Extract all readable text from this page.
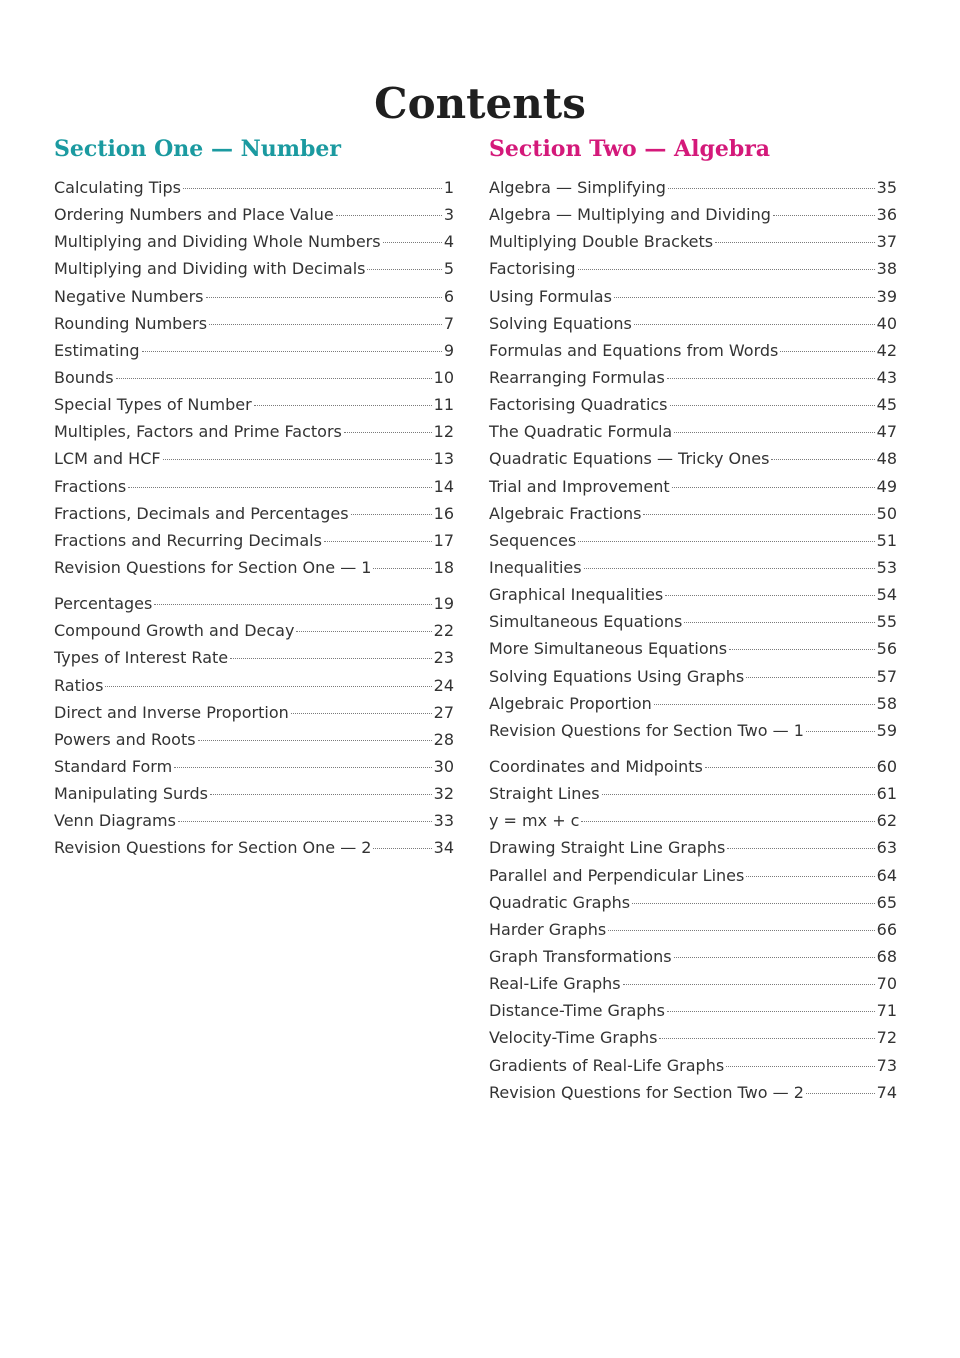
Contents
Section One — Number
Calculating Tips	1
Ordering Numbers and Place Value	3
Multiplying and Dividing Whole Numbers	4
Multiplying and Dividing with Decimals	5
Negative Numbers	6
Rounding Numbers	7
Estimating	9
Bounds	10
Special Types of Number	11
Multiples, Factors and Prime Factors	12
LCM and HCF	13
Fractions	14
Fractions, Decimals and Percentages	16
Fractions and Recurring Decimals	17
Revision Questions for Section One — 1	18
Percentages	19
Compound Growth and Decay	22
Types of Interest Rate	23
Ratios	24
Direct and Inverse Proportion	27
Powers and Roots	28
Standard Form	30
Manipulating Surds	32
Venn Diagrams	33
Revision Questions for Section One — 2	34
Section Two — Algebra
Algebra — Simplifying	35
Algebra — Multiplying and Dividing	36
Multiplying Double Brackets	37
Factorising	38
Using Formulas	39
Solving Equations	40
Formulas and Equations from Words	42
Rearranging Formulas	43
Factorising Quadratics	45
The Quadratic Formula	47
Quadratic Equations — Tricky Ones	48
Trial and Improvement	49
Algebraic Fractions	50
Sequences	51
Inequalities	53
Graphical Inequalities	54
Simultaneous Equations	55
More Simultaneous Equations	56
Solving Equations Using Graphs	57
Algebraic Proportion	58
Revision Questions for Section Two — 1	59
Coordinates and Midpoints	60
Straight Lines	61
y = mx + c	62
Drawing Straight Line Graphs	63
Parallel and Perpendicular Lines	64
Quadratic Graphs	65
Harder Graphs	66
Graph Transformations	68
Real-Life Graphs	70
Distance-Time Graphs	71
Velocity-Time Graphs	72
Gradients of Real-Life Graphs	73
Revision Questions for Section Two — 2	74
